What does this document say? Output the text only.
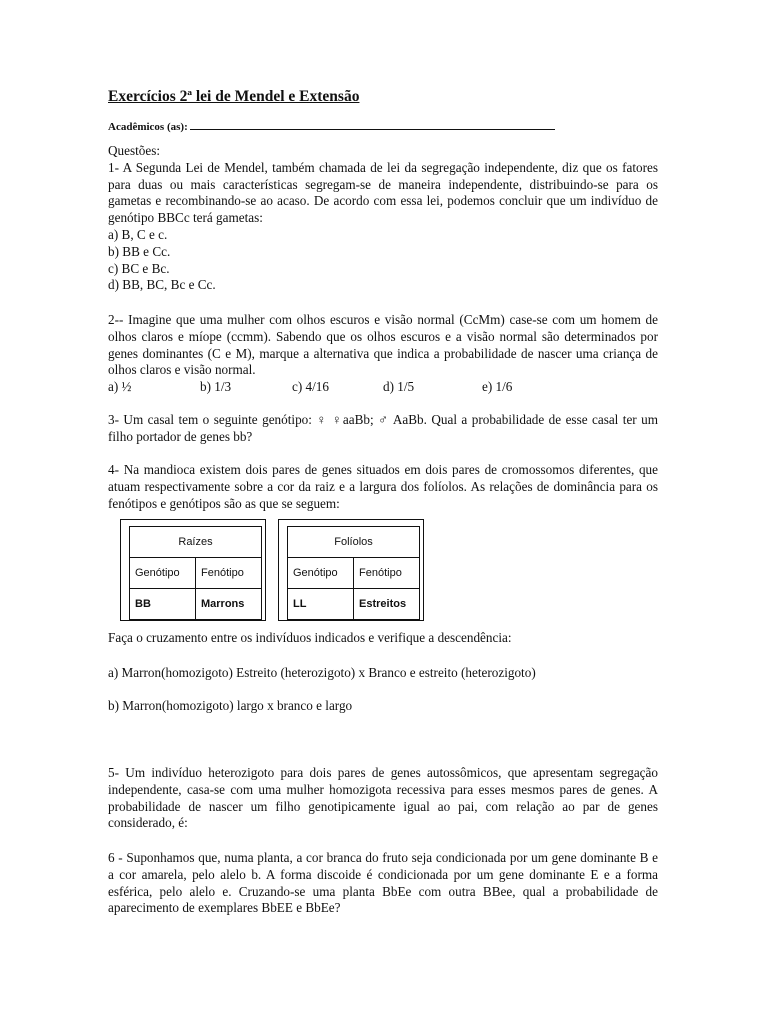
Exercícios 2ª lei de Mendel e Extensão
Acadêmicos (as):

Questões:

1- A Segunda Lei de Mendel, também chamada de lei da segregação independente, diz que os fatores para duas ou mais características segregam-se de maneira independente, distribuindo-se para os gametas e recombinando-se ao acaso. De acordo com essa lei, podemos concluir que um indivíduo de genótipo BBCc terá gametas:

a) B, C e c.

b) BB e Cc.

c) BC e Bc.

d) BB, BC, Bc e Cc.

2-- Imagine que uma mulher com olhos escuros e visão normal (CcMm) case-se com um homem de olhos claros e míope (ccmm). Sabendo que os olhos escuros e a visão normal são determinados por genes dominantes (C e M), marque a alternativa que indica a probabilidade de nascer uma criança de olhos claros e visão normal.

a) ½	b) 1/3	c) 4/16	d) 1/5	e) 1/6

3- Um casal tem o seguinte genótipo: ♀ ♀aaBb; ♂ AaBb. Qual a probabilidade de esse casal ter um filho portador de genes bb?

4- Na mandioca existem dois pares de genes situados em dois pares de cromossomos diferentes, que atuam respectivamente sobre a cor da raiz e a largura dos folíolos. As relações de dominância para os fenótipos e genótipos são as que se seguem:

Raízes	
Genótipo	Fenótipo
BB	Marrons
Folíolos	
Genótipo	Fenótipo
LL	Estreitos
Faça o cruzamento entre os indivíduos indicados e verifique a descendência:
a) Marron(homozigoto) Estreito (heterozigoto) x Branco e estreito (heterozigoto)
b) Marron(homozigoto) largo x branco e largo

5- Um indivíduo heterozigoto para dois pares de genes autossômicos, que apresentam segregação independente, casa-se com uma mulher homozigota recessiva para esses mesmos pares de genes. A probabilidade de nascer um filho genotipicamente igual ao pai, com relação ao par de genes considerado, é:

6 - Suponhamos que, numa planta, a cor branca do fruto seja condicionada por um gene dominante B e a cor amarela, pelo alelo b. A forma discoide é condicionada por um gene dominante E e a forma esférica, pelo alelo e. Cruzando-se uma planta BbEe com outra BBee, qual a probabilidade de aparecimento de exemplares BbEE e BbEe?
